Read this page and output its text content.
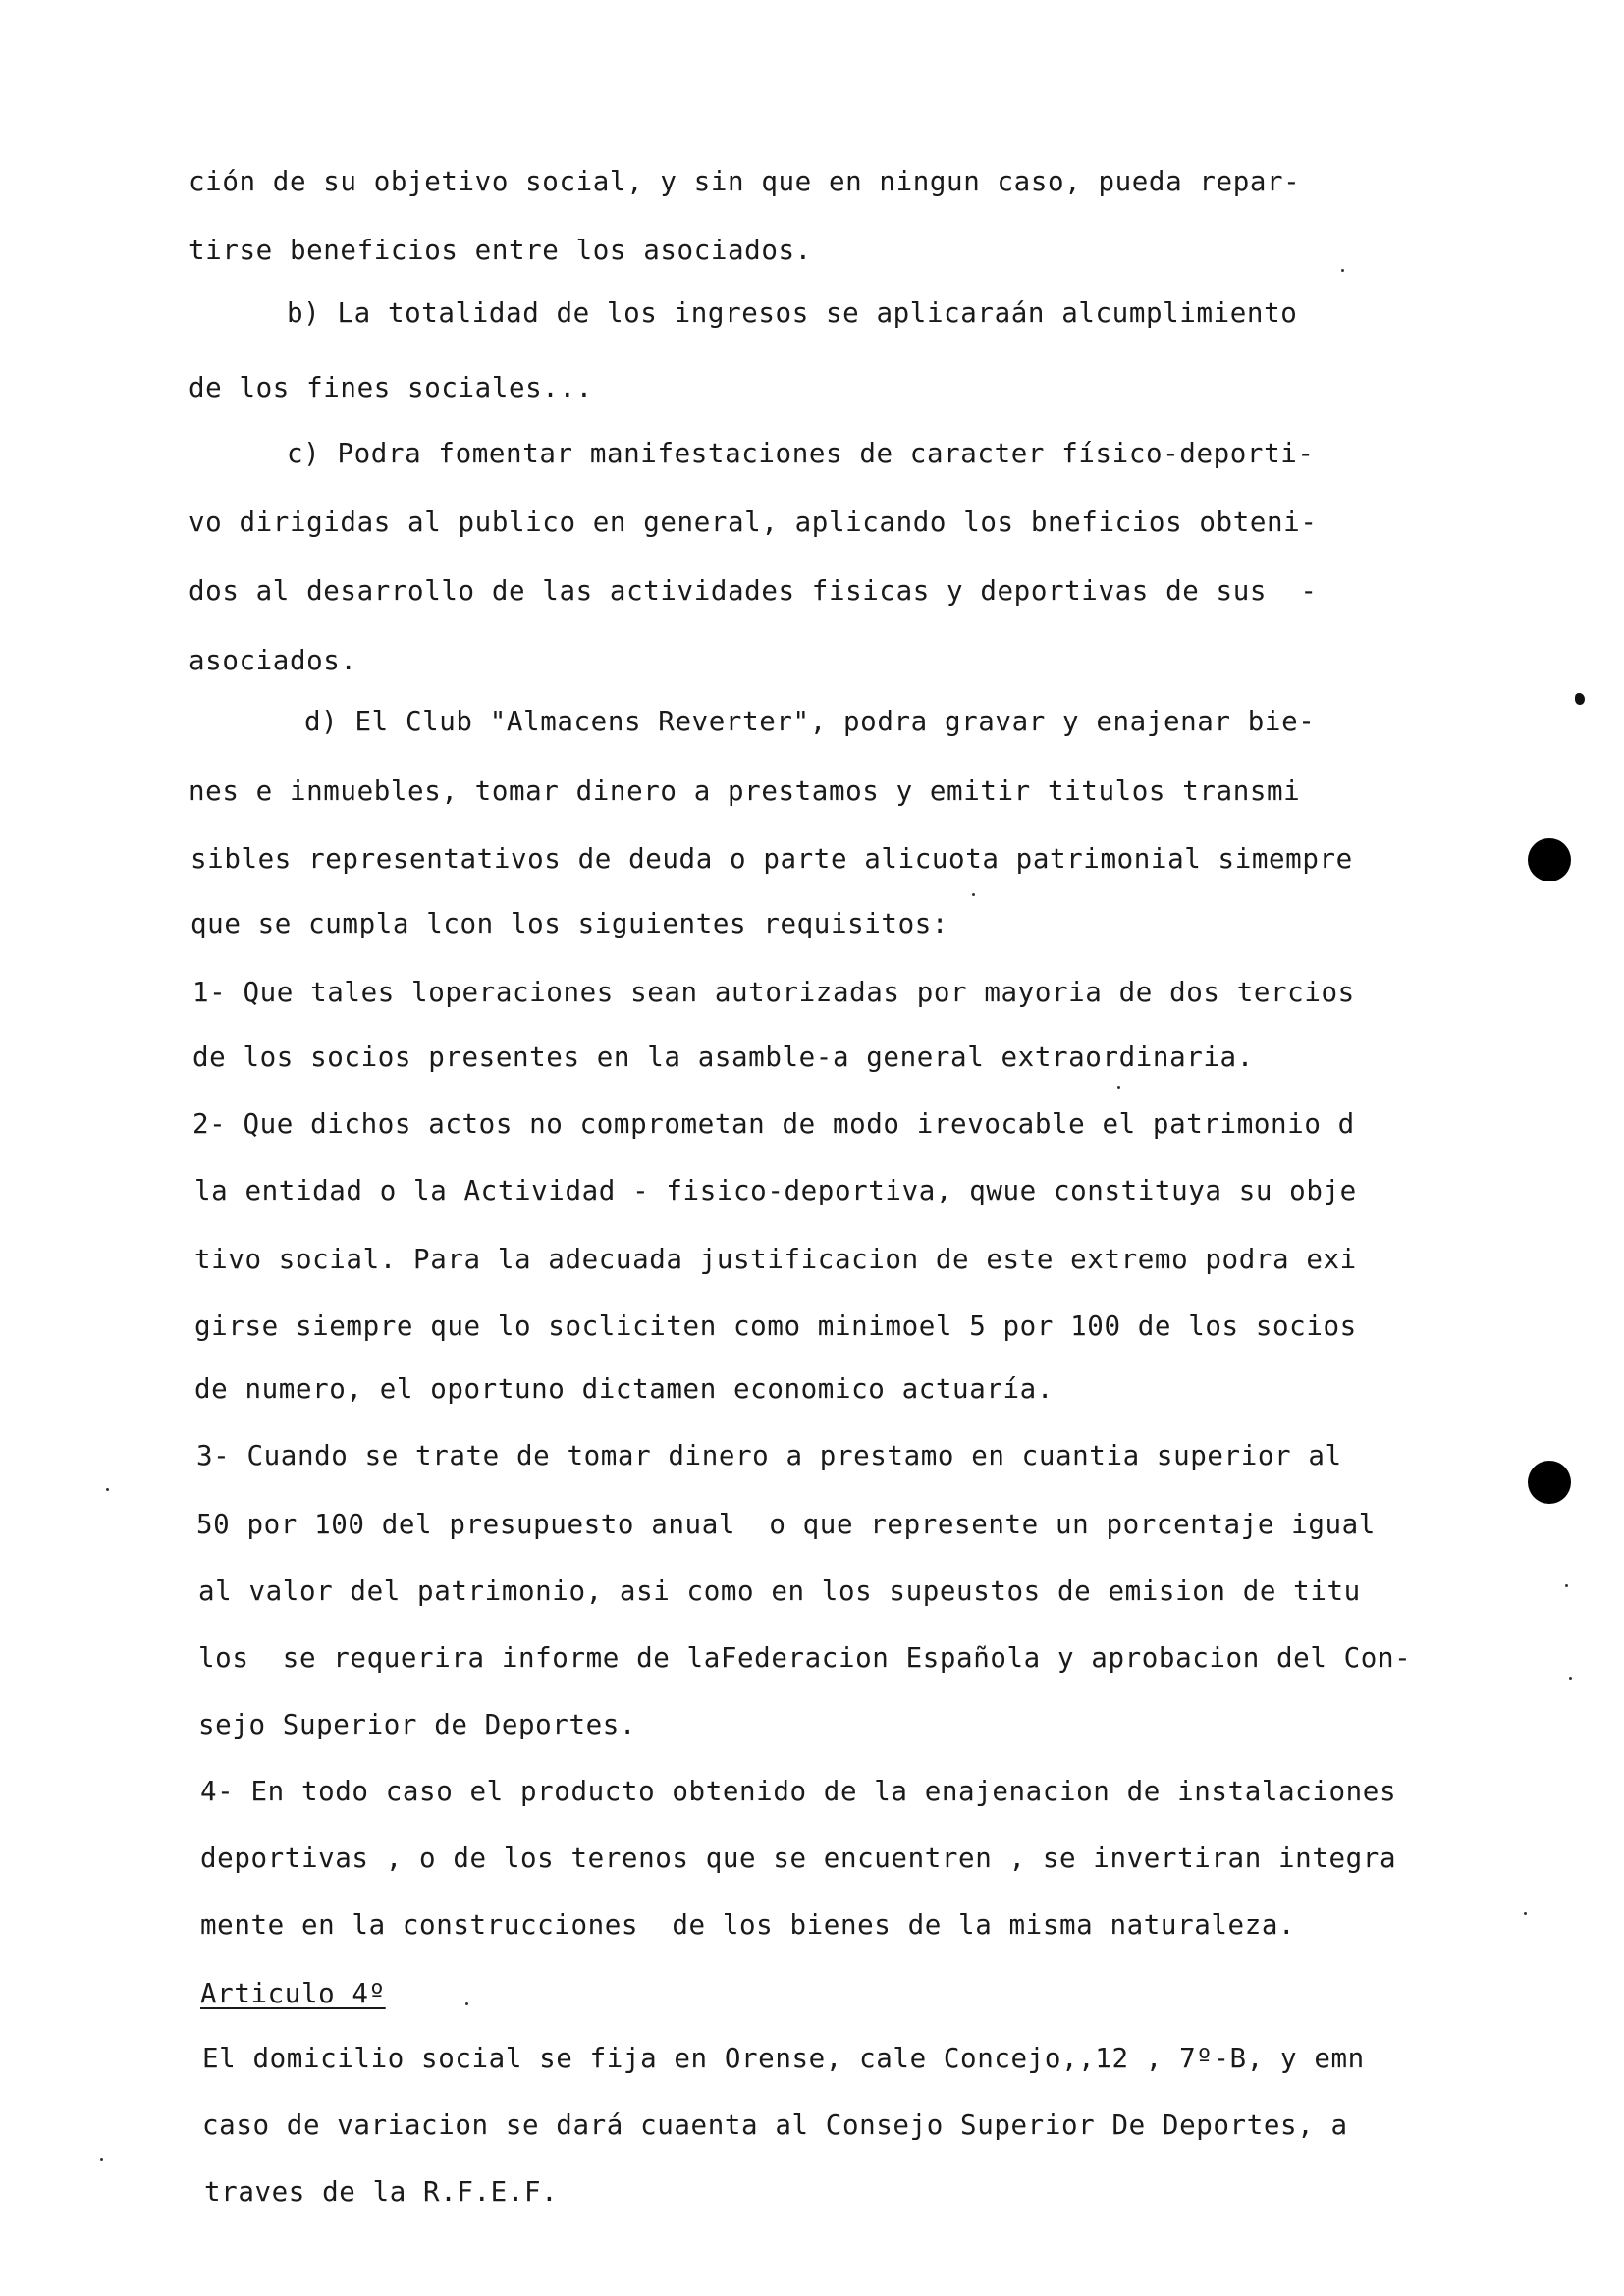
ción de su objetivo social, y sin que en ningun caso, pueda repar-
tirse beneficios entre los asociados.
b) La totalidad de los ingresos se aplicaraán alcumplimiento
de los fines sociales...
c) Podra fomentar manifestaciones de caracter físico-deporti-
vo dirigidas al publico en general, aplicando los bneficios obteni-
dos al desarrollo de las actividades fisicas y deportivas de sus  -
asociados.
d) El Club "Almacens Reverter", podra gravar y enajenar bie-
nes e inmuebles, tomar dinero a prestamos y emitir titulos transmi
sibles representativos de deuda o parte alicuota patrimonial simempre
que se cumpla lcon los siguientes requisitos:
1- Que tales loperaciones sean autorizadas por mayoria de dos tercios
de los socios presentes en la asamble-a general extraordinaria.
2- Que dichos actos no comprometan de modo irevocable el patrimonio d
la entidad o la Actividad - fisico-deportiva, qwue constituya su obje
tivo social. Para la adecuada justificacion de este extremo podra exi
girse siempre que lo socliciten como minimoel 5 por 100 de los socios
de numero, el oportuno dictamen economico actuaría.
3- Cuando se trate de tomar dinero a prestamo en cuantia superior al
50 por 100 del presupuesto anual  o que represente un porcentaje igual
al valor del patrimonio, asi como en los supeustos de emision de titu
los  se requerira informe de laFederacion Española y aprobacion del Con-
sejo Superior de Deportes.
4- En todo caso el producto obtenido de la enajenacion de instalaciones
deportivas , o de los terenos que se encuentren , se invertiran integra
mente en la construcciones  de los bienes de la misma naturaleza.
Articulo 4º
El domicilio social se fija en Orense, cale Concejo,,12 , 7º-B, y emn
caso de variacion se dará cuaenta al Consejo Superior De Deportes, a
traves de la R.F.E.F.
